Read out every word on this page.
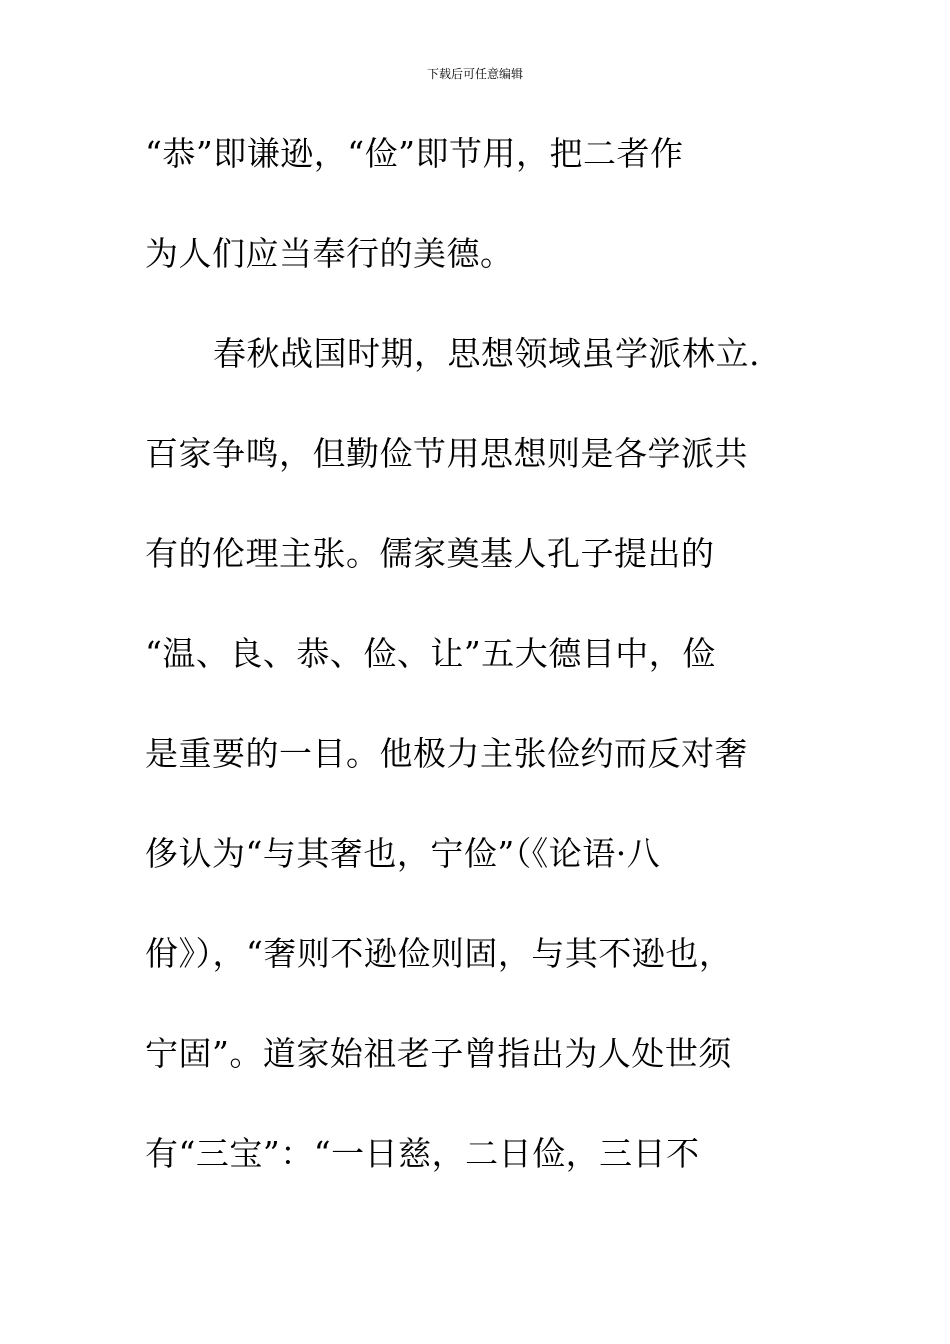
下载后可任意编辑
“恭”即谦逊，“俭”即节用，把二者作
为人们应当奉行的美德。
春秋战国时期，思想领域虽学派林立.
百家争鸣，但勤俭节用思想则是各学派共
有的伦理主张。儒家奠基人孔子提出的
“温、良、恭、俭、让”五大德目中，俭
是重要的一目。他极力主张俭约而反对奢
侈认为“与其奢也，宁俭”（《论语·八
佾》），“奢则不逊俭则固，与其不逊也，
宁固”。道家始祖老子曾指出为人处世须
有“三宝”：“一日慈，二日俭，三日不
